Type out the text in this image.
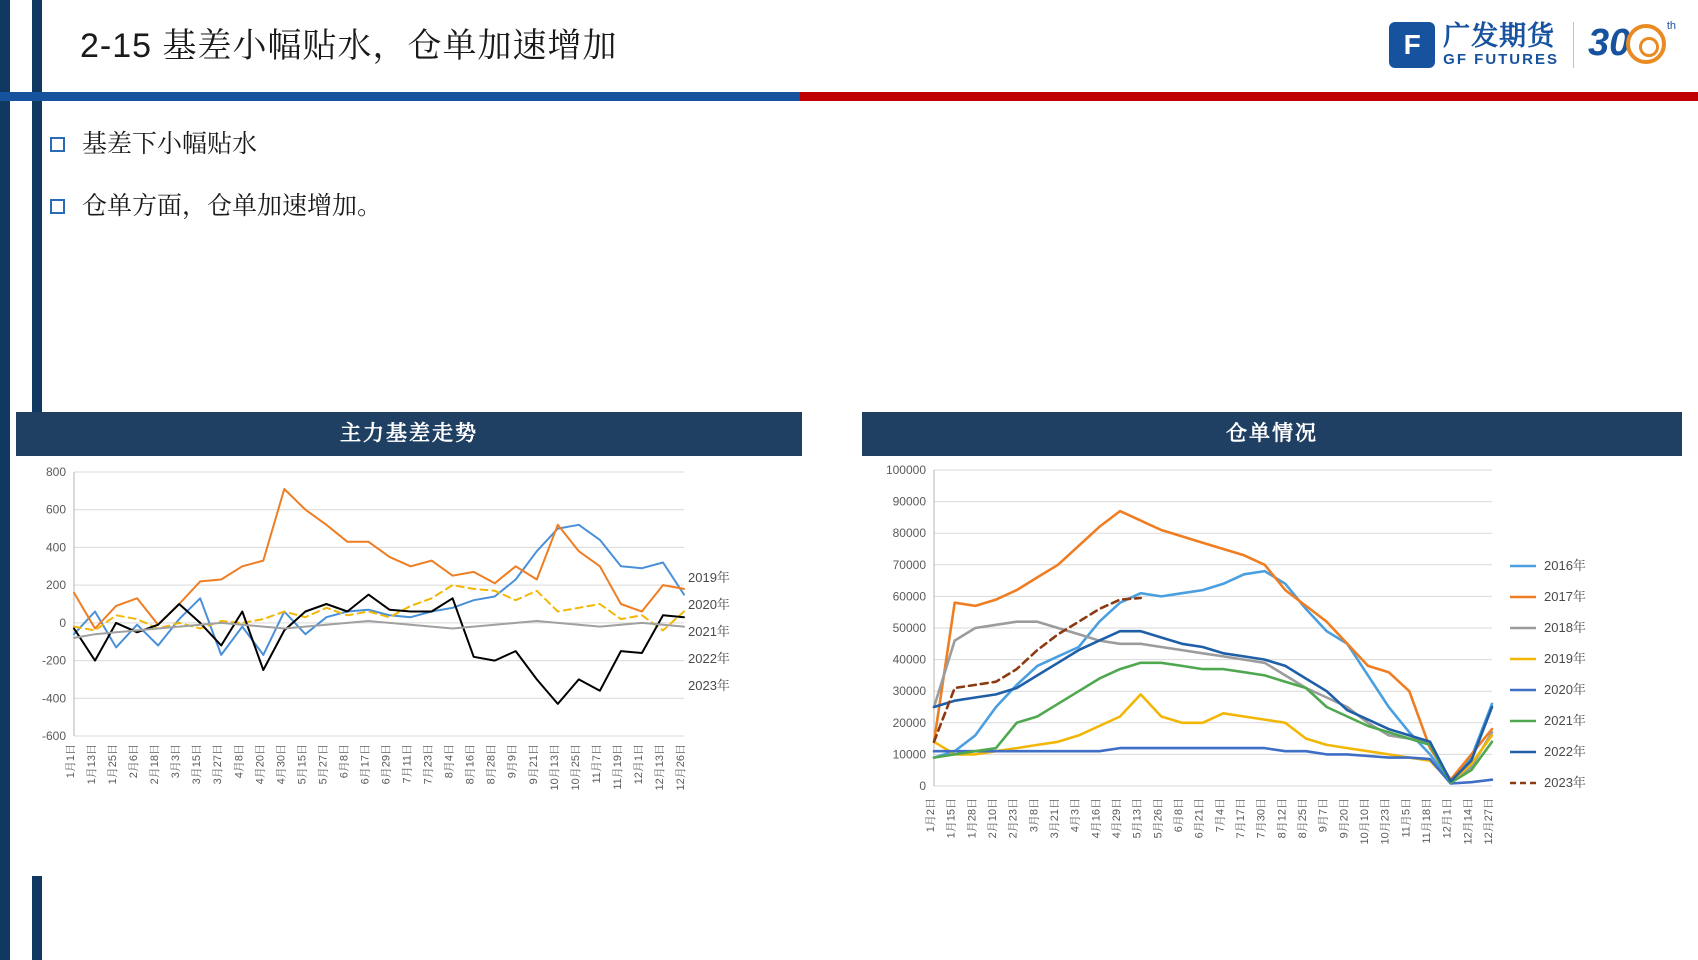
2-15 基差小幅贴水，仓单加速增加	F 广发期货
GF FUTURES 30	th
基差下小幅贴水
仓单方面，仓单加速增加。
主力基差走势
-600
-400
-200
0
200
400
600
800
1月1日 1月13日 1月25日 2月6日 2月18日 3月3日 3月15日 3月27日 4月8日 4月20日 4月30日 5月15日 5月27日 6月8日 6月17日 6月29日 7月11日 7月23日 8月4日 8月16日 8月28日 9月9日 9月21日 10月13日 10月25日 11月7日 11月19日 12月1日 12月13日 12月26日
2019年
2020年
2021年
2022年
2023年
仓单情况
0
10000
20000
30000
40000
50000
60000
70000
80000
90000
100000
1月2日 1月15日 1月28日 2月10日 2月23日 3月8日 3月21日 4月3日 4月16日 4月29日 5月13日 5月26日 6月8日 6月21日 7月4日 7月17日 7月30日 8月12日 8月25日 9月7日 9月20日 10月10日 10月23日 11月5日 11月18日 12月1日 12月14日 12月27日
2016年
2017年
2018年
2019年
2020年
2021年
2022年
2023年
